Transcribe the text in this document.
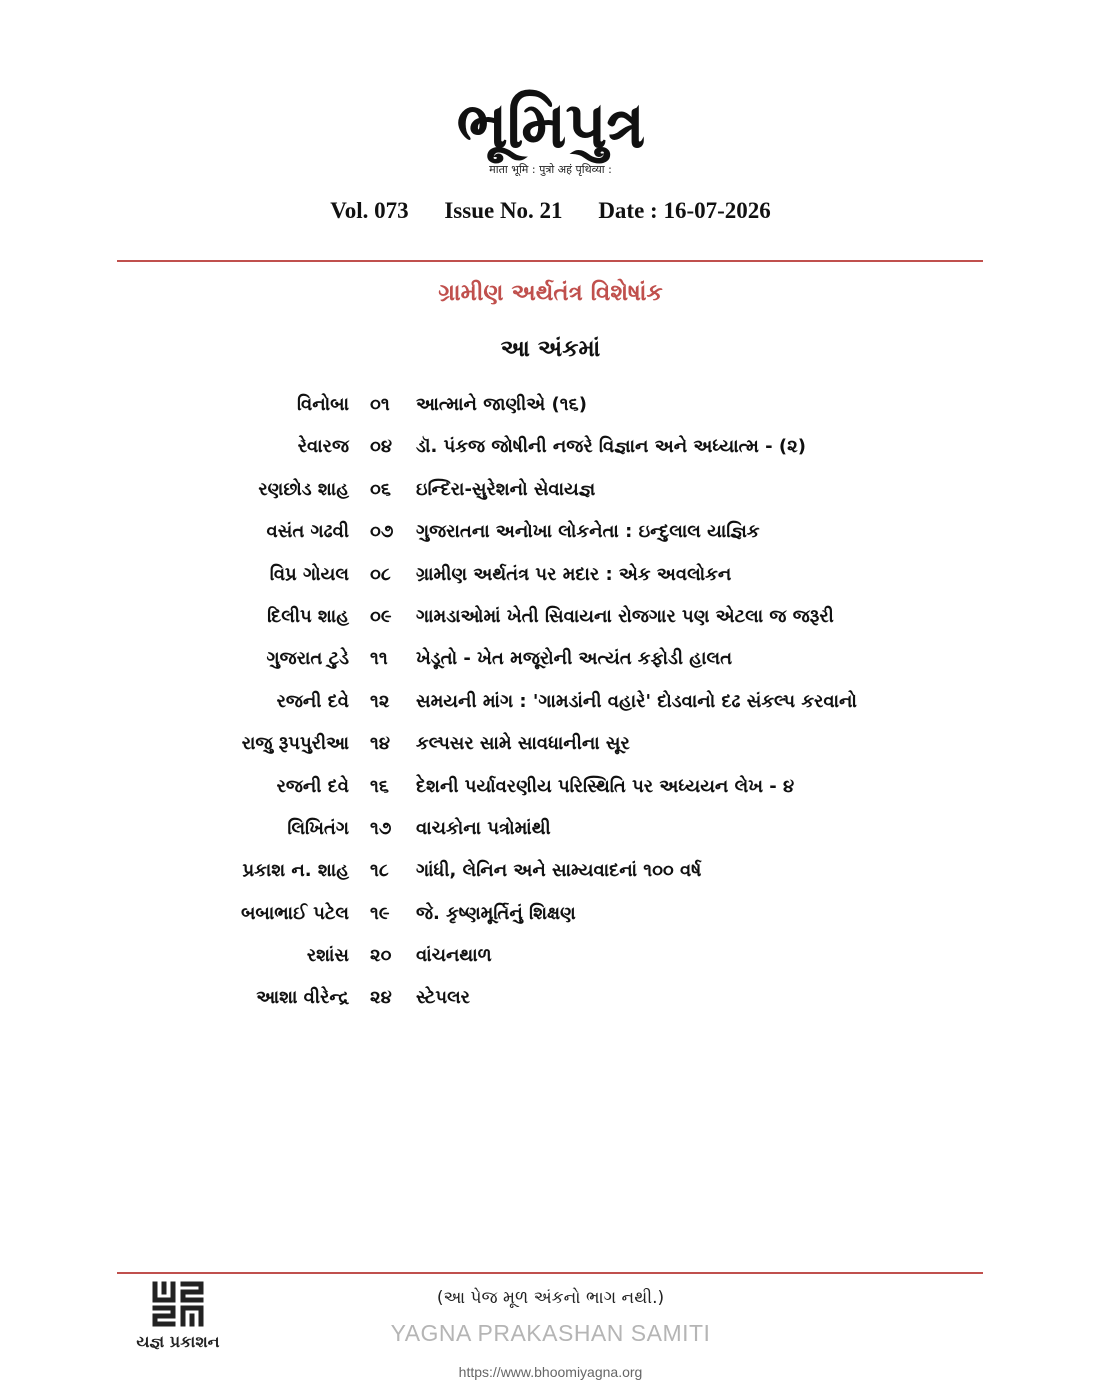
ભૂમિપુત્ર
माता भूमि : पुत्रो अहं पृथिव्या :
Vol. 073 Issue No. 21 Date : 16-07-2026
ગ્રામીણ અર્થતંત્ર વિશેષાંક
આ અંકમાં
વિનોબા ૦૧	આત્માને જાણીએ (૧૬)
રેવારજ ૦૪	ડૉ. પંકજ જોષીની નજરે વિજ્ઞાન અને અધ્યાત્મ - (૨)
રણછોડ શાહ ૦૬	ઇન્દિરા-સુરેશનો સેવાયજ્ઞ
વસંત ગઢવી ૦૭	ગુજરાતના અનોખા લોકનેતા : ઇન્દુલાલ યાજ્ઞિક
વિપ્ર ગોયલ ૦૮	ગ્રામીણ અર્થતંત્ર પર મદાર : એક અવલોકન
દિલીપ શાહ ૦૯	ગામડાઓમાં ખેતી સિવાયના રોજગાર પણ એટલા જ જરૂરી
ગુજરાત ટુડે ૧૧	ખેડૂતો - ખેત મજૂરોની અત્યંત કફોડી હાલત
રજની દવે ૧૨	સમયની માંગ : 'ગામડાંની વહારે' દોડવાનો દઢ સંકલ્પ કરવાનો
રાજુ રૂપપુરીઆ ૧૪	કલ્પસર સામે સાવધાનીના સૂર
રજની દવે ૧૬	દેશની પર્યાવરણીય પરિસ્થિતિ પર અધ્યયન લેખ - ૪
લિખિતંગ ૧૭	વાચકોના પત્રોમાંથી
પ્રકાશ ન. શાહ ૧૮	ગાંધી, લેનિન અને સામ્યવાદનાં ૧૦૦ વર્ષ
બબાભાઈ પટેલ ૧૯	જે. કૃષ્ણમૂર્તિનું શિક્ષણ
રશાંસ ૨૦	વાંચનથાળ
આશા વીરેન્દ્ર ૨૪	સ્ટેપલર
યજ્ઞ પ્રકાશન
(આ પેજ મૂળ અંકનો ભાગ નથી.)
YAGNA PRAKASHAN SAMITI
https://www.bhoomiyagna.org
